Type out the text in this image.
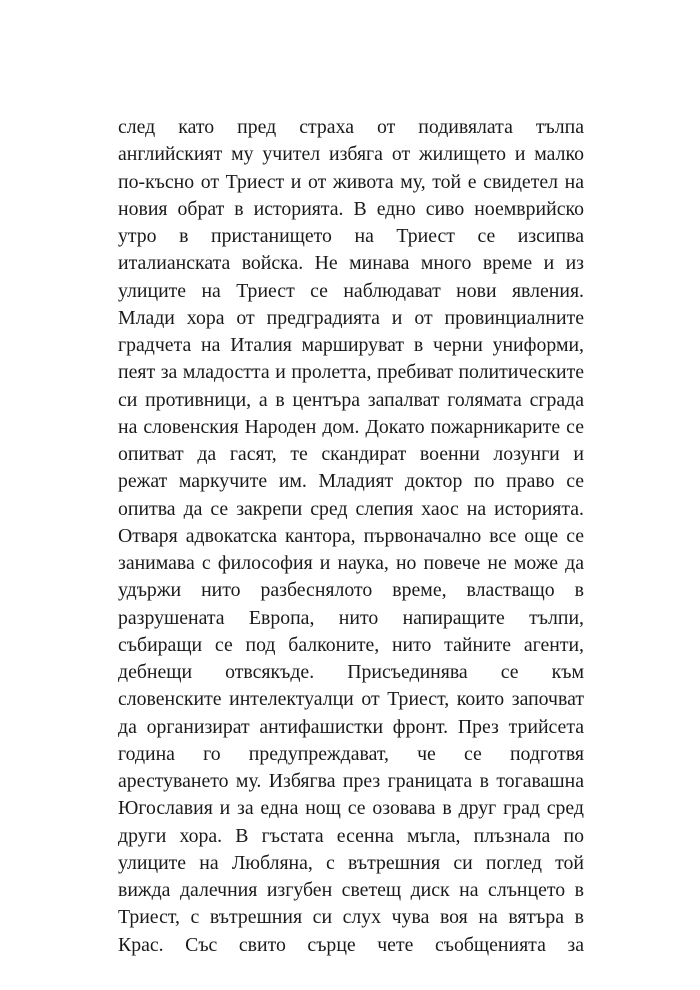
след като пред страха от подивялата тълпа
английският му учител избяга от жилището и малко
по-късно от Триест и от живота му, той е свидетел на
новия обрат в историята. В едно сиво ноемврийско
утро в пристанището на Триест се изсипва
италианската войска. Не минава много време и из
улиците на Триест се наблюдават нови явления.
Млади хора от предградията и от провинциалните
градчета на Италия маршируват в черни униформи,
пеят за младостта и пролетта, пребиват политическите
си противници, а в центъра запалват голямата сграда
на словенския Народен дом. Докато пожарникарите се
опитват да гасят, те скандират военни лозунги и
режат маркучите им. Младият доктор по право се
опитва да се закрепи сред слепия хаос на историята.
Отваря адвокатска кантора, първоначално все още се
занимава с философия и наука, но повече не може да
удържи нито разбеснялото време, властващо в
разрушената Европа, нито напиращите тълпи,
събиращи се под балконите, нито тайните агенти,
дебнещи отвсякъде. Присъединява се към
словенските интелектуалци от Триест, които започват
да организират антифашистки фронт. През трийсета
година го предупреждават, че се подготвя
арестуването му. Избягва през границата в тогавашна
Югославия и за една нощ се озовава в друг град сред
други хора. В гъстата есенна мъгла, плъзнала по
улиците на Любляна, с вътрешния си поглед той
вижда далечния изгубен светещ диск на слънцето в
Триест, с вътрешния си слух чува воя на вятъра в
Крас. Със свито сърце чете съобщенията за
